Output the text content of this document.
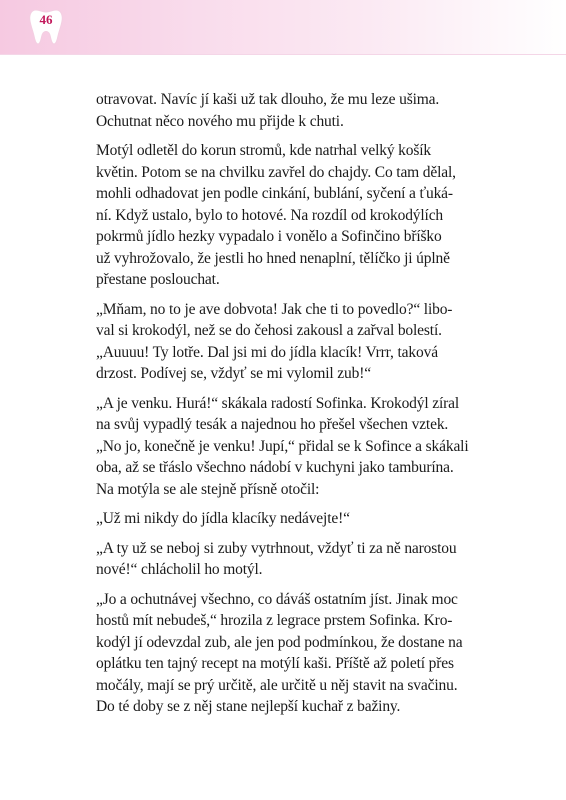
46

otravovat. Navíc jí kaši už tak dlouho, že mu leze ušima.
Ochutnat něco nového mu přijde k chuti.

Motýl odletěl do korun stromů, kde natrhal velký košík
květin. Potom se na chvilku zavřel do chajdy. Co tam dělal,
mohli odhadovat jen podle cinkání, bublání, syčení a ťuká-
ní. Když ustalo, bylo to hotové. Na rozdíl od krokodýlích
pokrmů jídlo hezky vypadalo i vonělo a Sofinčino bříško
už vyhrožovalo, že jestli ho hned nenaplní, tělíčko ji úplně
přestane poslouchat.

„Mňam, no to je ave dobvota! Jak che ti to povedlo?“ libo-
val si krokodýl, než se do čehosi zakousl a zařval bolestí.
„Auuuu! Ty lotře. Dal jsi mi do jídla klacík! Vrrr, taková
drzost. Podívej se, vždyť se mi vylomil zub!“

„A je venku. Hurá!“ skákala radostí Sofinka. Krokodýl zíral
na svůj vypadlý tesák a najednou ho přešel všechen vztek.
„No jo, konečně je venku! Jupí,“ přidal se k Sofince a skákali
oba, až se třáslo všechno nádobí v kuchyni jako tamburína.
Na motýla se ale stejně přísně otočil:

„Už mi nikdy do jídla klacíky nedávejte!“

„A ty už se neboj si zuby vytrhnout, vždyť ti za ně narostou
nové!“ chlácholil ho motýl.

„Jo a ochutnávej všechno, co dáváš ostatním jíst. Jinak moc
hostů mít nebudeš,“ hrozila z legrace prstem Sofinka. Kro-
kodýl jí odevzdal zub, ale jen pod podmínkou, že dostane na
oplátku ten tajný recept na motýlí kaši. Příště až poletí přes
močály, mají se prý určitě, ale určitě u něj stavit na svačinu.
Do té doby se z něj stane nejlepší kuchař z bažiny.
